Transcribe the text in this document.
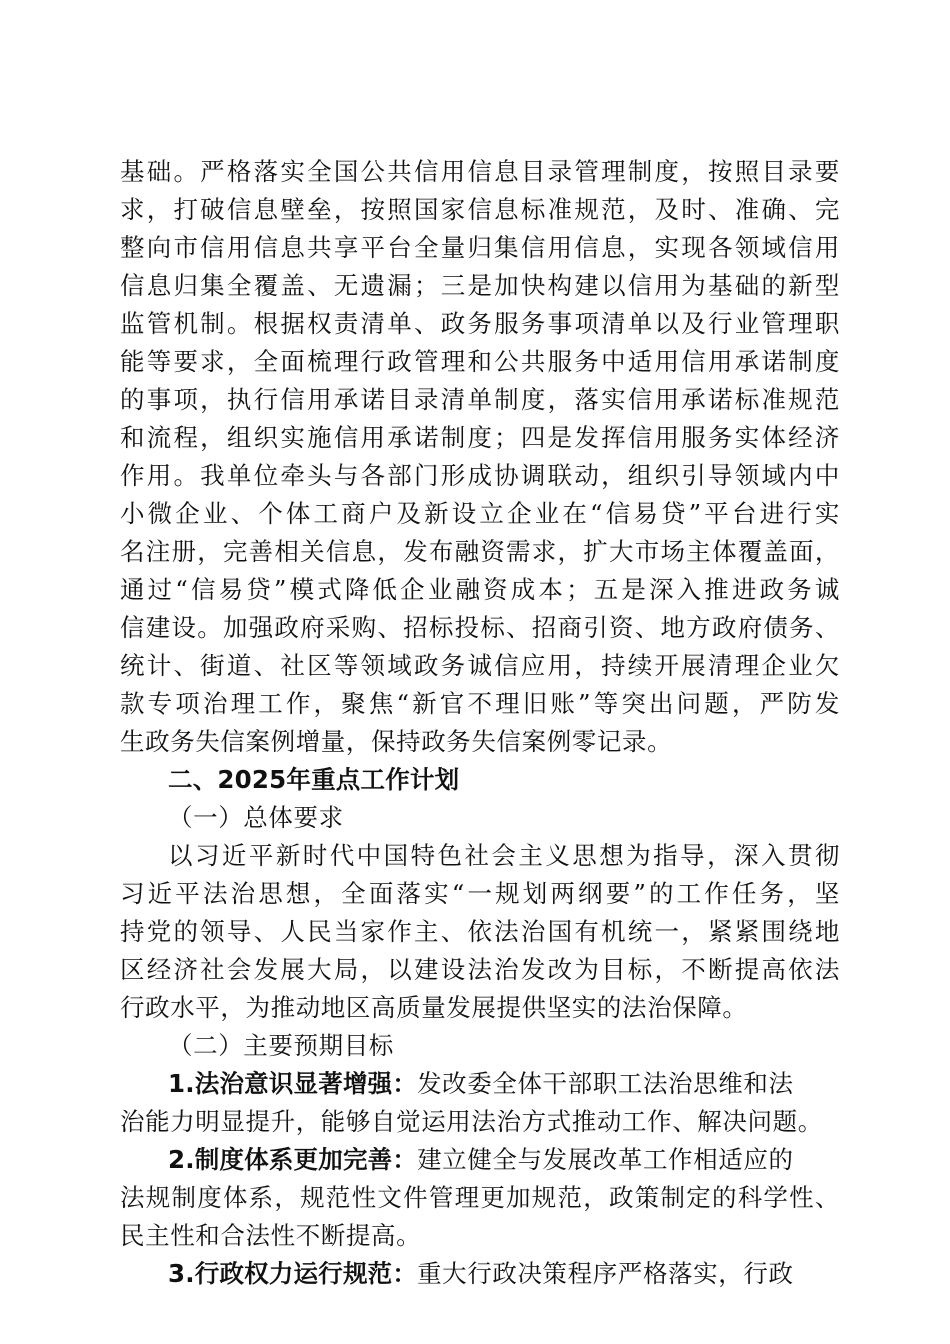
基础。严格落实全国公共信用信息目录管理制度，按照目录要
求，打破信息壁垒，按照国家信息标准规范，及时、准确、完
整向市信用信息共享平台全量归集信用信息，实现各领域信用
信息归集全覆盖、无遗漏；三是加快构建以信用为基础的新型
监管机制。根据权责清单、政务服务事项清单以及行业管理职
能等要求，全面梳理行政管理和公共服务中适用信用承诺制度
的事项，执行信用承诺目录清单制度，落实信用承诺标准规范
和流程，组织实施信用承诺制度；四是发挥信用服务实体经济
作用。我单位牵头与各部门形成协调联动，组织引导领域内中
小微企业、个体工商户及新设立企业在“信易贷”平台进行实
名注册，完善相关信息，发布融资需求，扩大市场主体覆盖面，
通过“信易贷”模式降低企业融资成本；五是深入推进政务诚
信建设。加强政府采购、招标投标、招商引资、地方政府债务、
统计、街道、社区等领域政务诚信应用，持续开展清理企业欠
款专项治理工作，聚焦“新官不理旧账”等突出问题，严防发
生政务失信案例增量，保持政务失信案例零记录。
二、2025年重点工作计划
（一）总体要求
以习近平新时代中国特色社会主义思想为指导，深入贯彻
习近平法治思想，全面落实“一规划两纲要”的工作任务，坚
持党的领导、人民当家作主、依法治国有机统一，紧紧围绕地
区经济社会发展大局，以建设法治发改为目标，不断提高依法
行政水平，为推动地区高质量发展提供坚实的法治保障。
（二）主要预期目标
1.法治意识显著增强：发改委全体干部职工法治思维和法
治能力明显提升，能够自觉运用法治方式推动工作、解决问题。
2.制度体系更加完善：建立健全与发展改革工作相适应的
法规制度体系，规范性文件管理更加规范，政策制定的科学性、
民主性和合法性不断提高。
3.行政权力运行规范：重大行政决策程序严格落实，行政
